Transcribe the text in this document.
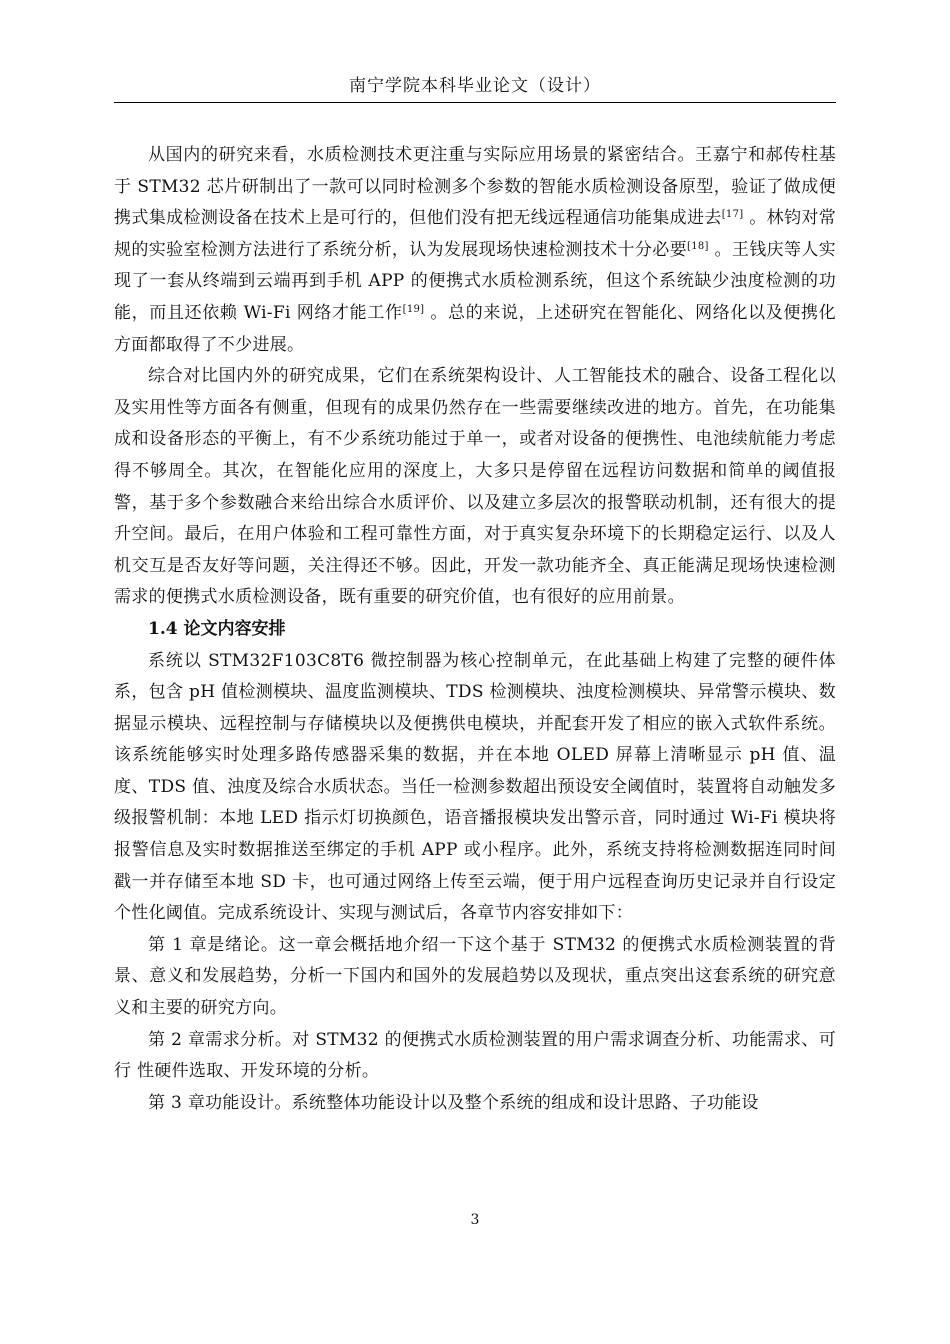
南宁学院本科毕业论文（设计）

从国内的研究来看，水质检测技术更注重与实际应用场景的紧密结合。王嘉宁和郝传柱基于 STM32 芯片研制出了一款可以同时检测多个参数的智能水质检测设备原型，验证了做成便携式集成检测设备在技术上是可行的，但他们没有把无线远程通信功能集成进去[17] 。林钧对常规的实验室检测方法进行了系统分析，认为发展现场快速检测技术十分必要[18] 。王钱庆等人实现了一套从终端到云端再到手机 APP 的便携式水质检测系统，但这个系统缺少浊度检测的功能，而且还依赖 Wi-Fi 网络才能工作[19] 。总的来说，上述研究在智能化、网络化以及便携化方面都取得了不少进展。

综合对比国内外的研究成果，它们在系统架构设计、人工智能技术的融合、设备工程化以及实用性等方面各有侧重，但现有的成果仍然存在一些需要继续改进的地方。首先，在功能集成和设备形态的平衡上，有不少系统功能过于单一，或者对设备的便携性、电池续航能力考虑得不够周全。其次，在智能化应用的深度上，大多只是停留在远程访问数据和简单的阈值报警，基于多个参数融合来给出综合水质评价、以及建立多层次的报警联动机制，还有很大的提升空间。最后，在用户体验和工程可靠性方面，对于真实复杂环境下的长期稳定运行、以及人机交互是否友好等问题，关注得还不够。因此，开发一款功能齐全、真正能满足现场快速检测需求的便携式水质检测设备，既有重要的研究价值，也有很好的应用前景。

1.4 论文内容安排

系统以 STM32F103C8T6 微控制器为核心控制单元，在此基础上构建了完整的硬件体系，包含 pH 值检测模块、温度监测模块、TDS 检测模块、浊度检测模块、异常警示模块、数据显示模块、远程控制与存储模块以及便携供电模块，并配套开发了相应的嵌入式软件系统。该系统能够实时处理多路传感器采集的数据，并在本地 OLED 屏幕上清晰显示 pH 值、温度、TDS 值、浊度及综合水质状态。当任一检测参数超出预设安全阈值时，装置将自动触发多级报警机制：本地 LED 指示灯切换颜色，语音播报模块发出警示音，同时通过 Wi-Fi 模块将报警信息及实时数据推送至绑定的手机 APP 或小程序。此外，系统支持将检测数据连同时间戳一并存储至本地 SD 卡，也可通过网络上传至云端，便于用户远程查询历史记录并自行设定个性化阈值。完成系统设计、实现与测试后，各章节内容安排如下：

第 1 章是绪论。这一章会概括地介绍一下这个基于 STM32 的便携式水质检测装置的背景、意义和发展趋势，分析一下国内和国外的发展趋势以及现状，重点突出这套系统的研究意义和主要的研究方向。

第 2 章需求分析。对 STM32 的便携式水质检测装置的用户需求调查分析、功能需求、可行 性硬件选取、开发环境的分析。

第 3 章功能设计。系统整体功能设计以及整个系统的组成和设计思路、子功能设

3
